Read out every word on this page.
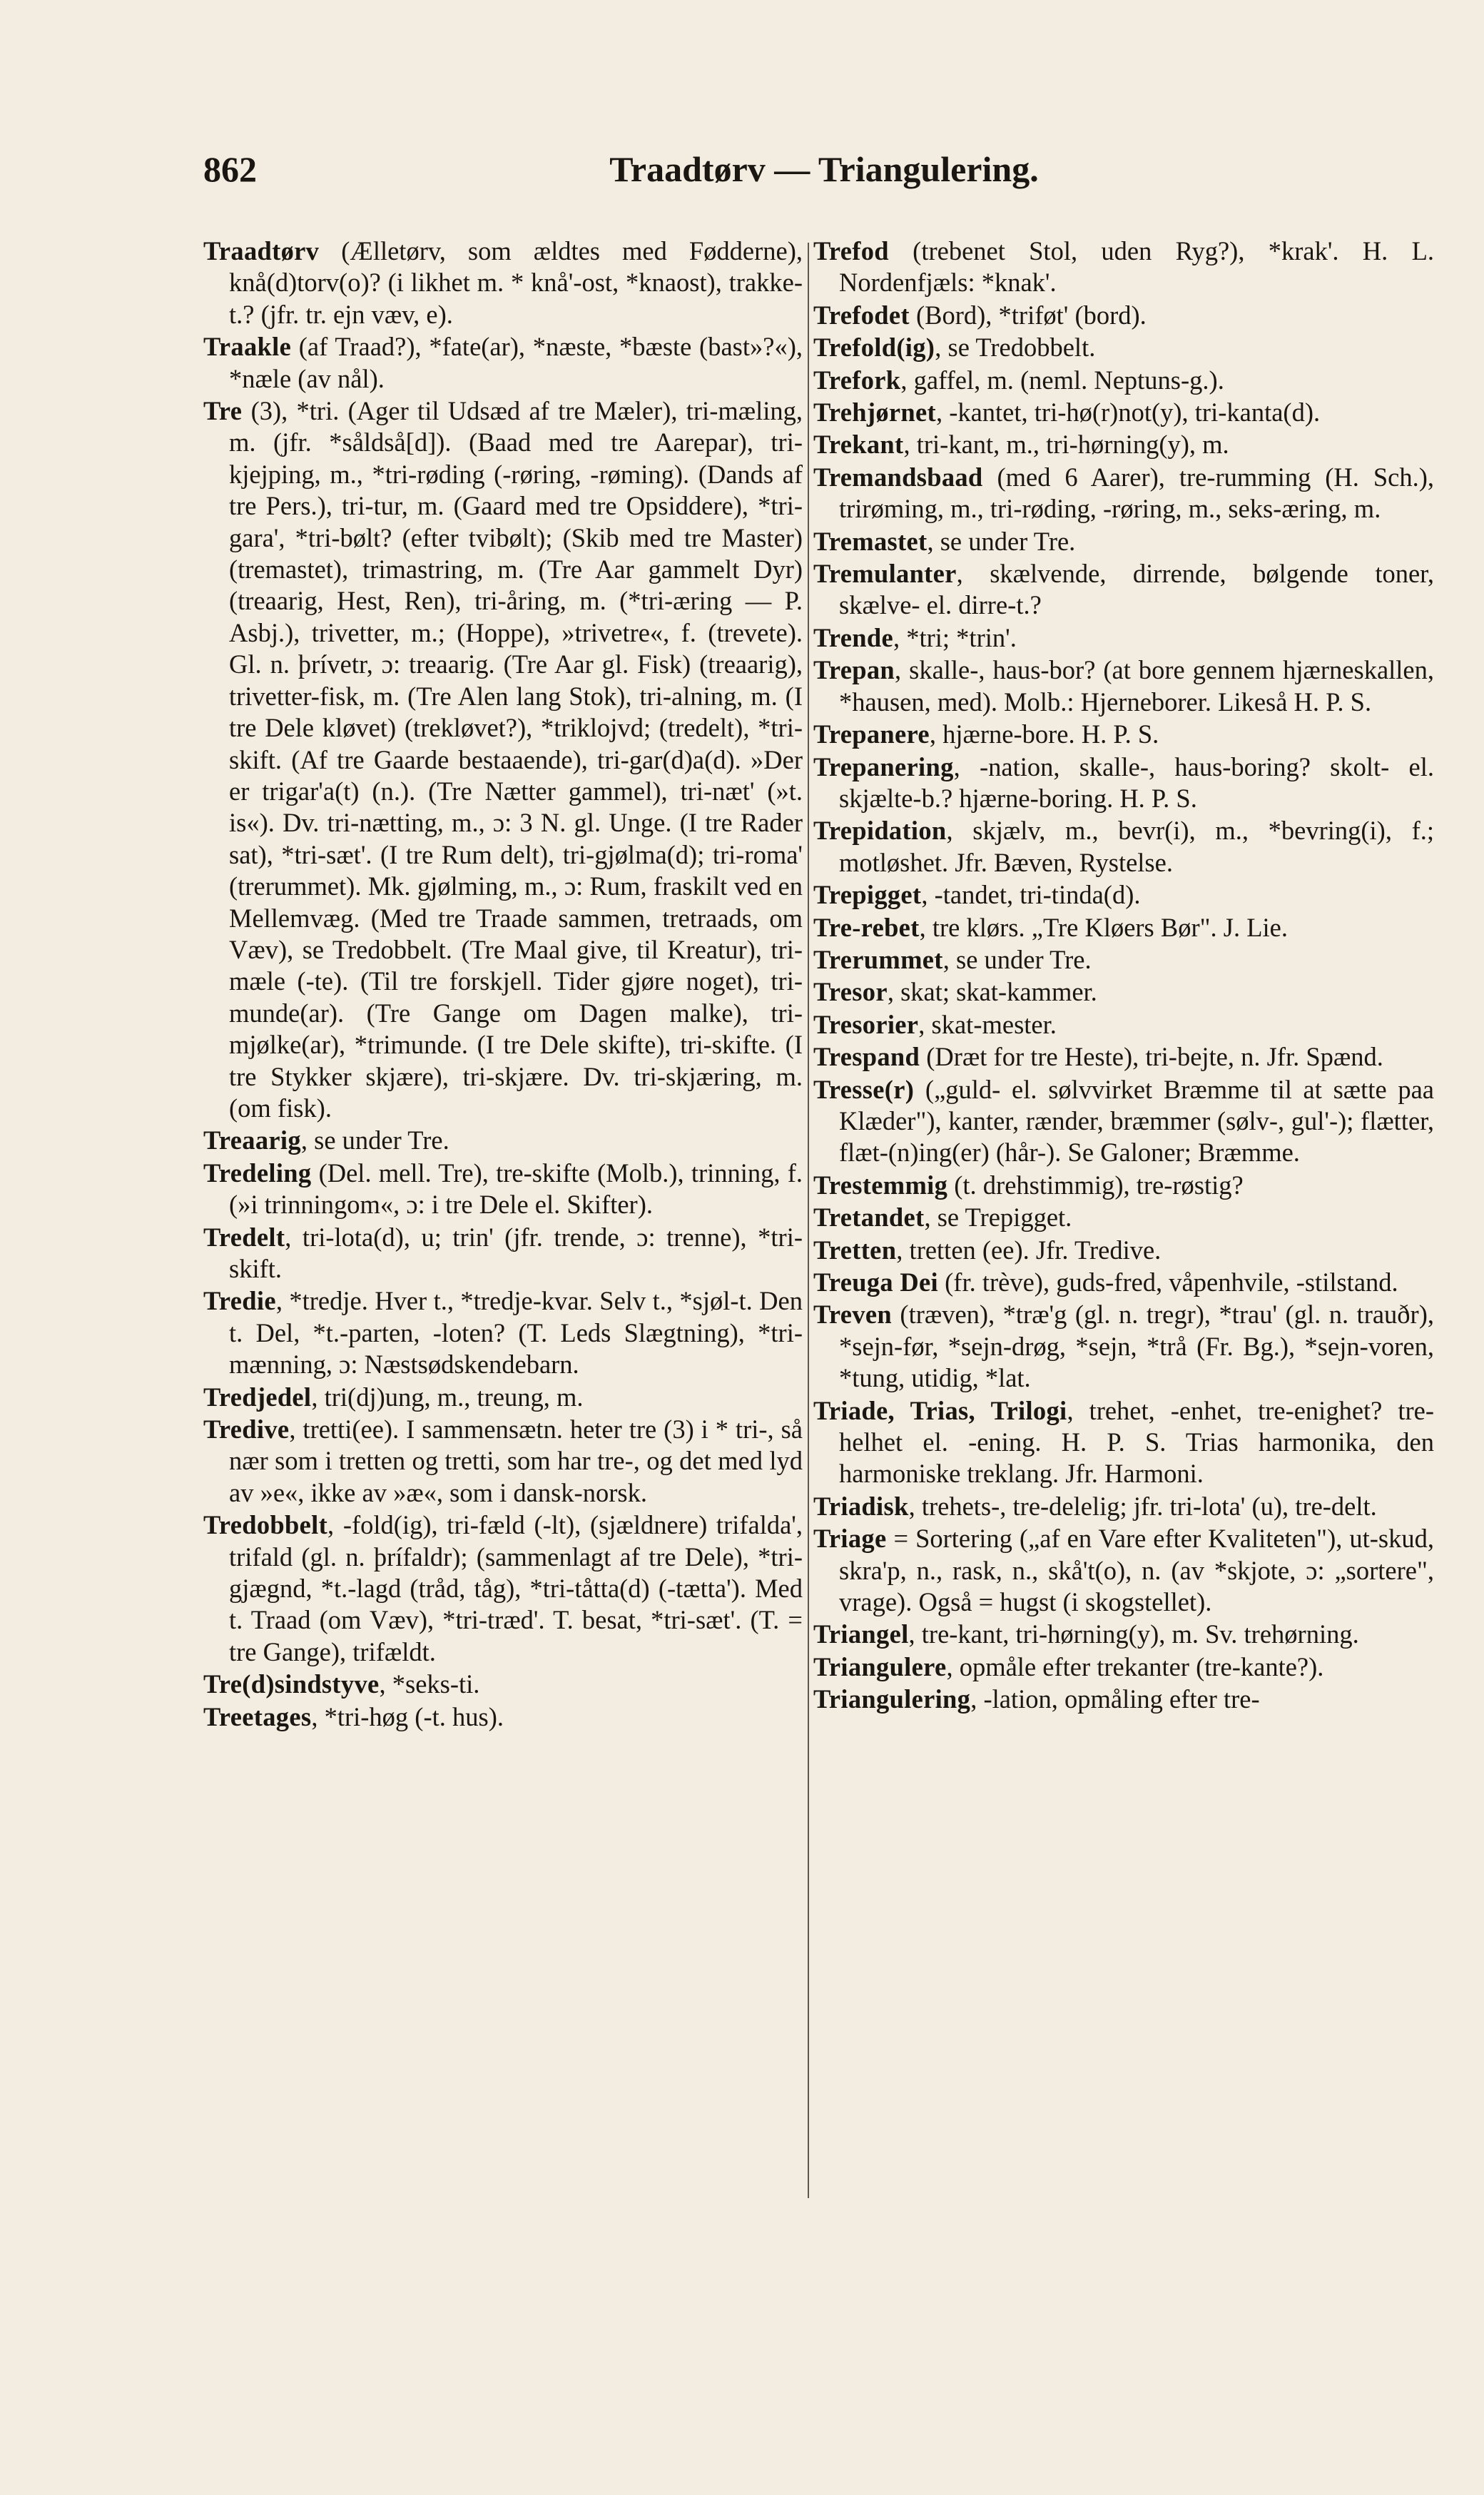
862	Traadtørv — Triangulering.

Traadtørv (Ælletørv, som ældtes med Fødderne), knå(d)torv(o)? (i likhet m. * knå'-ost, *knaost), trakke-t.? (jfr. tr. ejn væv, e).

Traakle (af Traad?), *fate(ar), *næste, *bæste (bast»?«), *næle (av nål).

Tre (3), *tri. (Ager til Udsæd af tre Mæler), tri-mæling, m. (jfr. *såldså[d]). (Baad med tre Aarepar), tri-kjejping, m., *tri-røding (-røring, -røming). (Dands af tre Pers.), tri-tur, m. (Gaard med tre Opsiddere), *tri-gara', *tri-bølt? (efter tvibølt); (Skib med tre Master) (tremastet), trimastring, m. (Tre Aar gammelt Dyr) (treaarig, Hest, Ren), tri-åring, m. (*tri-æring — P. Asbj.), trivetter, m.; (Hoppe), »trivetre«, f. (trevete). Gl. n. þrívetr, ɔ: treaarig. (Tre Aar gl. Fisk) (treaarig), trivetter-fisk, m. (Tre Alen lang Stok), tri-alning, m. (I tre Dele kløvet) (trekløvet?), *triklojvd; (tredelt), *tri-skift. (Af tre Gaarde bestaaende), tri-gar(d)a(d). »Der er trigar'a(t) (n.). (Tre Nætter gammel), tri-næt' (»t. is«). Dv. tri-nætting, m., ɔ: 3 N. gl. Unge. (I tre Rader sat), *tri-sæt'. (I tre Rum delt), tri-gjølma(d); tri-roma' (trerummet). Mk. gjølming, m., ɔ: Rum, fraskilt ved en Mellemvæg. (Med tre Traade sammen, tretraads, om Væv), se Tredobbelt. (Tre Maal give, til Kreatur), tri-mæle (-te). (Til tre forskjell. Tider gjøre noget), tri-munde(ar). (Tre Gange om Dagen malke), tri-mjølke(ar), *trimunde. (I tre Dele skifte), tri-skifte. (I tre Stykker skjære), tri-skjære. Dv. tri-skjæring, m. (om fisk).

Treaarig, se under Tre.

Tredeling (Del. mell. Tre), tre-skifte (Molb.), trinning, f. (»i trinningom«, ɔ: i tre Dele el. Skifter).

Tredelt, tri-lota(d), u; trin' (jfr. trende, ɔ: trenne), *tri-skift.

Tredie, *tredje. Hver t., *tredje-kvar. Selv t., *sjøl-t. Den t. Del, *t.-parten, -loten? (T. Leds Slægtning), *tri-mænning, ɔ: Næstsødskendebarn.

Tredjedel, tri(dj)ung, m., treung, m.

Tredive, tretti(ee). I sammensætn. heter tre (3) i * tri-, så nær som i tretten og tretti, som har tre-, og det med lyd av »e«, ikke av »æ«, som i dansk-norsk.

Tredobbelt, -fold(ig), tri-fæld (-lt), (sjældnere) trifalda', trifald (gl. n. þrífaldr); (sammenlagt af tre Dele), *tri-gjægnd, *t.-lagd (tråd, tåg), *tri-tåtta(d) (-tætta'). Med t. Traad (om Væv), *tri-træd'. T. besat, *tri-sæt'. (T. = tre Gange), trifældt.

Tre(d)sindstyve, *seks-ti.

Treetages, *tri-høg (-t. hus).

Trefod (trebenet Stol, uden Ryg?), *krak'. H. L. Nordenfjæls: *knak'.

Trefodet (Bord), *triføt' (bord).

Trefold(ig), se Tredobbelt.

Trefork, gaffel, m. (neml. Neptuns-g.).

Trehjørnet, -kantet, tri-hø(r)not(y), tri-kanta(d).

Trekant, tri-kant, m., tri-hørning(y), m.

Tremandsbaad (med 6 Aarer), tre-rumming (H. Sch.), trirøming, m., tri-røding, -røring, m., seks-æring, m.

Tremastet, se under Tre.

Tremulanter, skælvende, dirrende, bølgende toner, skælve- el. dirre-t.?

Trende, *tri; *trin'.

Trepan, skalle-, haus-bor? (at bore gennem hjærneskallen, *hausen, med). Molb.: Hjerneborer. Likeså H. P. S.

Trepanere, hjærne-bore. H. P. S.

Trepanering, -nation, skalle-, haus-boring? skolt- el. skjælte-b.? hjærne-boring. H. P. S.

Trepidation, skjælv, m., bevr(i), m., *bevring(i), f.; motløshet. Jfr. Bæven, Rystelse.

Trepigget, -tandet, tri-tinda(d).

Tre-rebet, tre klørs. „Tre Kløers Bør". J. Lie.

Trerummet, se under Tre.

Tresor, skat; skat-kammer.

Tresorier, skat-mester.

Trespand (Dræt for tre Heste), tri-bejte, n. Jfr. Spænd.

Tresse(r) („guld- el. sølvvirket Bræmme til at sætte paa Klæder"), kanter, rænder, bræmmer (sølv-, gul'-); flætter, flæt-(n)ing(er) (hår-). Se Galoner; Bræmme.

Trestemmig (t. drehstimmig), tre-røstig?

Tretandet, se Trepigget.

Tretten, tretten (ee). Jfr. Tredive.

Treuga Dei (fr. trève), guds-fred, våpenhvile, -stilstand.

Treven (træven), *træ'g (gl. n. tregr), *trau' (gl. n. trauðr), *sejn-før, *sejn-drøg, *sejn, *trå (Fr. Bg.), *sejn-voren, *tung, utidig, *lat.

Triade, Trias, Trilogi, trehet, -enhet, tre-enighet? tre-helhet el. -ening. H. P. S. Trias harmonika, den harmoniske treklang. Jfr. Harmoni.

Triadisk, trehets-, tre-delelig; jfr. tri-lota' (u), tre-delt.

Triage = Sortering („af en Vare efter Kvaliteten"), ut-skud, skra'p, n., rask, n., skå't(o), n. (av *skjote, ɔ: „sortere", vrage). Også = hugst (i skogstellet).

Triangel, tre-kant, tri-hørning(y), m. Sv. trehørning.

Triangulere, opmåle efter trekanter (tre-kante?).

Triangulering, -lation, opmåling efter tre-
